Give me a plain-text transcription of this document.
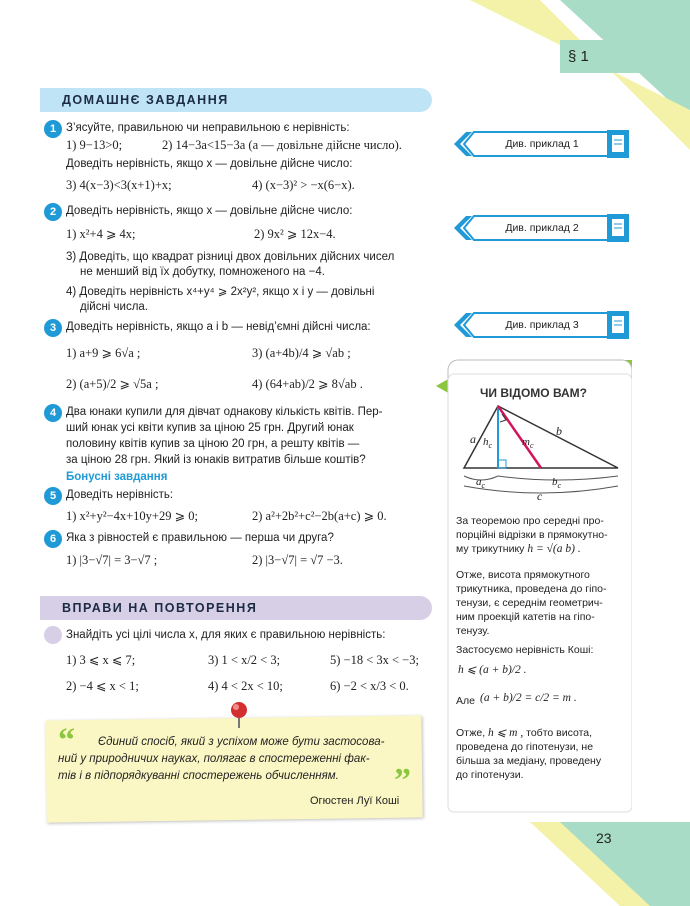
§ 1
23
ДОМАШНЄ ЗАВДАННЯ
1 З’ясуйте, правильною чи неправильною є нерівність:
1) 9−13>0;	2) 14−3a<15−3a (a — довільне дійсне число).
Доведіть нерівність, якщо x — довільне дійсне число:
3) 4(x−3)<3(x+1)+x;	4) (x−3)² > −x(6−x).
2 Доведіть нерівність, якщо x — довільне дійсне число:
1) x²+4 ⩾ 4x;	2) 9x² ⩾ 12x−4.
3) Доведіть, що квадрат різниці двох довільних дійсних чисел
не менший від їх добутку, помноженого на −4.
4) Доведіть нерівність x⁴+y⁴ ⩾ 2x²y², якщо x і y — довільні
дійсні числа.
3 Доведіть нерівність, якщо a і b — невід’ємні дійсні числа:
1) a+9 ⩾ 6√a ;	3) (a+4b)/4 ⩾ √ab ;
2) (a+5)/2 ⩾ √5a ;	4) (64+ab)/2 ⩾ 8√ab .
4 Два юнаки купили для дівчат однакову кількість квітів. Пер-
ший юнак усі квіти купив за ціною 25 грн. Другий юнак
половину квітів купив за ціною 20 грн, а решту квітів —
за ціною 28 грн. Який із юнаків витратив більше коштів?
Бонусні завдання
5 Доведіть нерівність:
1) x²+y²−4x+10y+29 ⩾ 0;	2) a²+2b²+c²−2b(a+c) ⩾ 0.
6 Яка з рівностей є правильною — перша чи друга?
1) |3−√7| = 3−√7 ;	2) |3−√7| = √7 −3.
Див. приклад 1
Див. приклад 2
Див. приклад 3
ВПРАВИ НА ПОВТОРЕННЯ
Знайдіть усі цілі числа x, для яких є правильною нерівність:
1) 3 ⩽ x ⩽ 7;	3) 1 < x/2 < 3;	5) −18 < 3x < −3;
2) −4 ⩽ x < 1;	4) 4 < 2x < 10;	6) −2 < x/3 < 0.
“ Єдиний спосіб, який з успіхом може бути застосова-
ний у природничих науках, полягає в спостереженні фак-
тів і в підпорядкуванні спостережень обчисленням.	”
Огюстен Луї Коші
ЧИ ВІДОМО ВАМ?
a
b
$h_c$	$m_c$
$a_c$	$b_c$
c
За теоремою про середні про-
порційні відрізки в прямокутно-
му трикутнику h = √(a b) .
Отже, висота прямокутного
трикутника, проведена до гіпо-
тенузи, є середнім геометрич-
ним проекцій катетів на гіпо-
тенузу.
Застосуємо нерівність Коші:
h ⩽ (a + b)/2 .
Але (a + b)/2 = c/2 = m .
Отже, h ⩽ m , тобто висота,
проведена до гіпотенузи, не
більша за медіану, проведену
до гіпотенузи.
